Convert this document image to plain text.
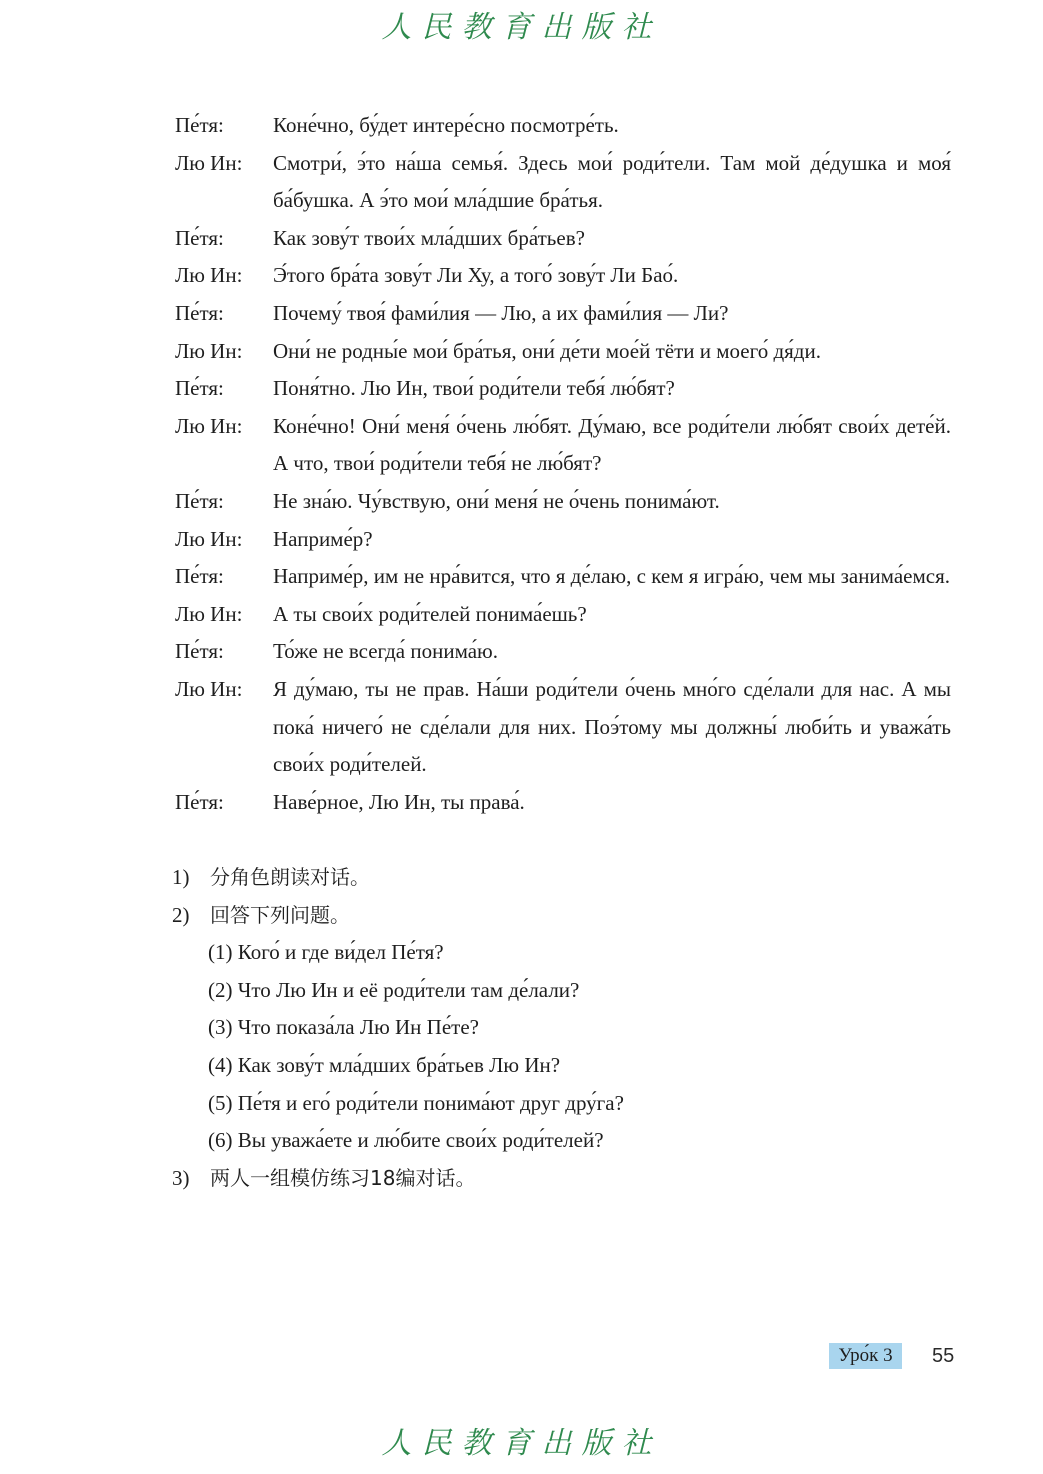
人民教育出版社
Пе́тя:	Коне́чно, бу́дет интере́сно посмотре́ть.
Лю Ин:	Смотри́, э́то на́ша семья́. Здесь мои́ роди́тели. Там мой де́душка и моя́ ба́бушка. А э́то мои́ мла́дшие бра́тья.
Пе́тя:	Как зову́т твои́х мла́дших бра́тьев?
Лю Ин:	Э́того бра́та зову́т Ли Ху, а того́ зову́т Ли Бао́.
Пе́тя:	Почему́ твоя́ фами́лия — Лю, а их фами́лия — Ли?
Лю Ин:	Они́ не родны́е мои́ бра́тья, они́ де́ти мое́й тёти и моего́ дя́ди.
Пе́тя:	Поня́тно. Лю Ин, твои́ роди́тели тебя́ лю́бят?
Лю Ин:	Коне́чно! Они́ меня́ о́чень лю́бят. Ду́маю, все роди́тели лю́бят свои́х дете́й. А что, твои́ роди́тели тебя́ не лю́бят?
Пе́тя:	Не зна́ю. Чу́вствую, они́ меня́ не о́чень понима́ют.
Лю Ин:	Наприме́р?
Пе́тя:	Наприме́р, им не нра́вится, что я де́лаю, с кем я игра́ю, чем мы занима́емся.
Лю Ин:	А ты свои́х роди́телей понима́ешь?
Пе́тя:	То́же не всегда́ понима́ю.
Лю Ин:	Я ду́маю, ты не прав. На́ши роди́тели о́чень мно́го сде́лали для нас. А мы пока́ ничего́ не сде́лали для них. Поэ́тому мы должны́ люби́ть и уважа́ть свои́х роди́телей.
Пе́тя:	Наве́рное, Лю Ин, ты права́.
1)	分角色朗读对话。
2)	回答下列问题。
(1) Кого́ и где ви́дел Пе́тя?
(2) Что Лю Ин и её роди́тели там де́лали?
(3) Что показа́ла Лю Ин Пе́те?
(4) Как зову́т мла́дших бра́тьев Лю Ин?
(5) Пе́тя и его́ роди́тели понима́ют друг дру́га?
(6) Вы уважа́ете и лю́бите свои́х роди́телей?
3)	两人一组模仿练习18编对话。
Уро́к 3	55
人民教育出版社
